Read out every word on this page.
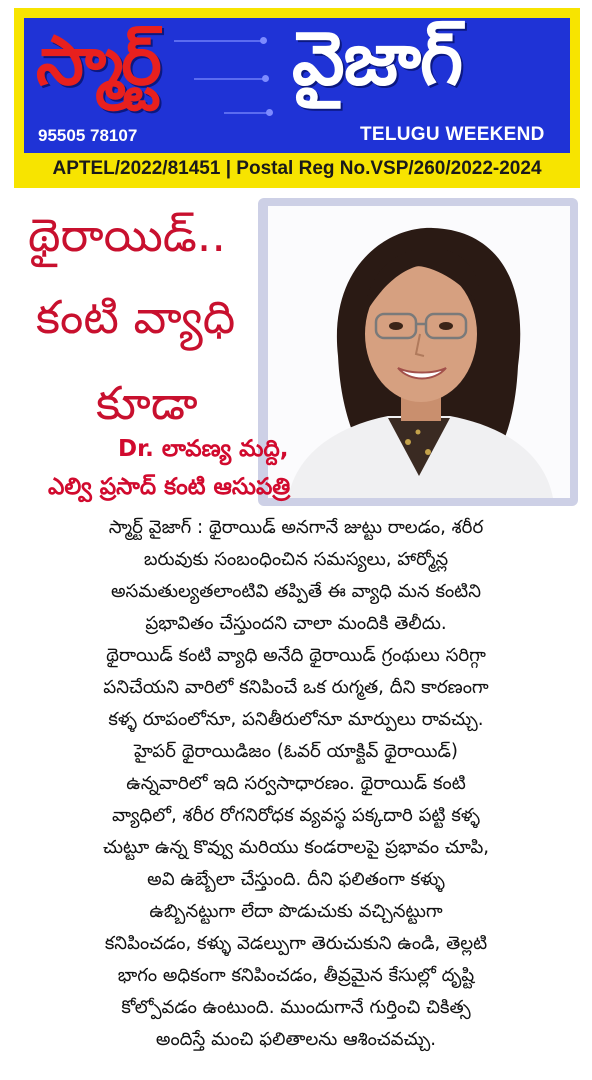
స్మార్ట్ వైజాగ్
95505 78107	TELUGU WEEKEND
APTEL/2022/81451 | Postal Reg No.VSP/260/2022-2024
థైరాయిడ్..
కంటి వ్యాధి
కూడా
Dr. లావణ్య మద్ది,
ఎల్వి ప్రసాద్ కంటి ఆసుపత్రి
స్మార్ట్ వైజాగ్ : థైరాయిడ్ అనగానే జుట్టు రాలడం, శరీర
బరువుకు సంబంధించిన సమస్యలు, హార్మోన్ల
అసమతుల్యతలాంటివి తప్పితే ఈ వ్యాధి మన కంటిని
ప్రభావితం చేస్తుందని చాలా మందికి తెలీదు.
థైరాయిడ్ కంటి వ్యాధి అనేది థైరాయిడ్ గ్రంథులు సరిగ్గా
పనిచేయని వారిలో కనిపించే ఒక రుగ్మత, దీని కారణంగా
కళ్ళ రూపంలోనూ, పనితీరులోనూ మార్పులు రావచ్చు.
హైపర్ థైరాయిడిజం (ఓవర్ యాక్టివ్ థైరాయిడ్)
ఉన్నవారిలో ఇది సర్వసాధారణం. థైరాయిడ్ కంటి
వ్యాధిలో, శరీర రోగనిరోధక వ్యవస్థ పక్కదారి పట్టి కళ్ళ
చుట్టూ ఉన్న కొవ్వు మరియు కండరాలపై ప్రభావం చూపి,
అవి ఉబ్బేలా చేస్తుంది. దీని ఫలితంగా కళ్ళు
ఉబ్బినట్టుగా లేదా పొడుచుకు వచ్చినట్టుగా
కనిపించడం, కళ్ళు వెడల్పుగా తెరుచుకుని ఉండి, తెల్లటి
భాగం అధికంగా కనిపించడం, తీవ్రమైన కేసుల్లో దృష్టి
కోల్పోవడం ఉంటుంది. ముందుగానే గుర్తించి చికిత్స
అందిస్తే మంచి ఫలితాలను ఆశించవచ్చు.
